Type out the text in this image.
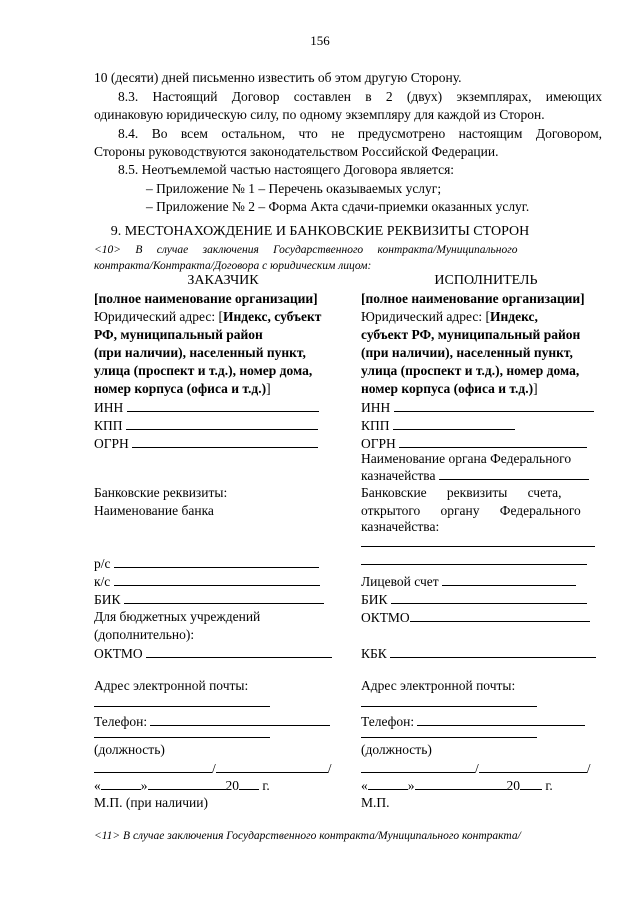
156
10 (десяти) дней письменно известить об этом другую Сторону.
8.3. Настоящий Договор составлен в 2 (двух) экземплярах, имеющих
одинаковую юридическую силу, по одному экземпляру для каждой из Сторон.
8.4. Во всем остальном, что не предусмотрено настоящим Договором,
Стороны руководствуются законодательством Российской Федерации.
8.5. Неотъемлемой частью настоящего Договора является:
– Приложение № 1 – Перечень оказываемых услуг;
– Приложение № 2 – Форма Акта сдачи-приемки оказанных услуг.
9. МЕСТОНАХОЖДЕНИЕ И БАНКОВСКИЕ РЕКВИЗИТЫ СТОРОН
<10>     В     случае     заключения     Государственного     контракта/Муниципального
контракта/Контракта/Договора с юридическим лицом:
ЗАКАЗЧИК
[полное наименование организации]
Юридический адрес: [Индекс, субъект
РФ, муниципальный район
(при наличии), населенный пункт,
улица (проспект и т.д.), номер дома,
номер корпуса (офиса и т.д.)]
ИНН
КПП
ОГРН
Банковские реквизиты:
Наименование банка
р/с
к/с
БИК
Для бюджетных учреждений
(дополнительно):
ОКТМО
Адрес электронной почты:
Телефон:
(должность)
/	/
«	»	20 г.
М.П. (при наличии)
ИСПОЛНИТЕЛЬ
[полное наименование организации]
Юридический адрес: [Индекс,
субъект РФ, муниципальный район
(при наличии), населенный пункт,
улица (проспект и т.д.), номер дома,
номер корпуса (офиса и т.д.)]
ИНН
КПП
ОГРН
Наименование органа Федерального
казначейства
Банковские      реквизиты      счета,
открытого      органу      Федерального
казначейства:
Лицевой счет
БИК
ОКТМО
КБК
Адрес электронной почты:
Телефон:
(должность)
/	/
«	»	20 г.
М.П.
<11> В случае заключения Государственного контракта/Муниципального контракта/
